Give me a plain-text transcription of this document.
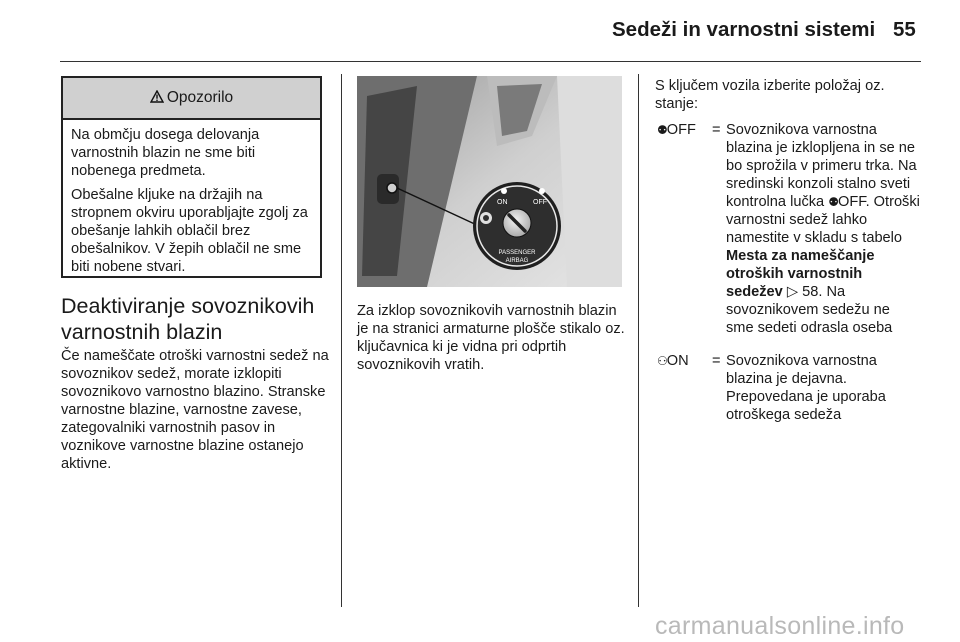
Sedeži in varnostni sistemi 55
Opozorilo

Na obmčju dosega delovanja varnostnih blazin ne sme biti nobenega predmeta.

Obešalne kljuke na držajih na stropnem okviru uporabljajte zgolj za obešanje lahkih oblačil brez obešalnikov. V žepih oblačil ne sme biti nobene stvari.

Deaktiviranje sovoznikovih varnostnih blazin
Če nameščate otroški varnostni sedež na sovoznikov sedež, morate izklopiti sovoznikovo varnostno blazino. Stranske varnostne blazine, varnostne zavese, zategovalniki varnostnih pasov in voznikove varnostne blazine ostanejo aktivne.
ON	OFF
PASSENGER
AIRBAG
Za izklop sovoznikovih varnostnih blazin je na stranici armaturne plošče stikalo oz. ključavnica ki je vidna pri odprtih sovoznikovih vratih.
S ključem vozila izberite položaj oz. stanje:
⚉OFF = Sovoznikova varnostna blazina je izklopljena in se ne bo sprožila v primeru trka. Na sredinski konzoli stalno sveti kontrolna lučka ⚉OFF. Otroški varnostni sedež lahko namestite v skladu s tabelo Mesta za nameščanje otroških varnostnih sedežev ▷ 58. Na sovoznikovem sedežu ne sme sedeti odrasla oseba
⚇ON = Sovoznikova varnostna blazina je dejavna. Prepovedana je uporaba otroškega sedeža
carmanualsonline.info
